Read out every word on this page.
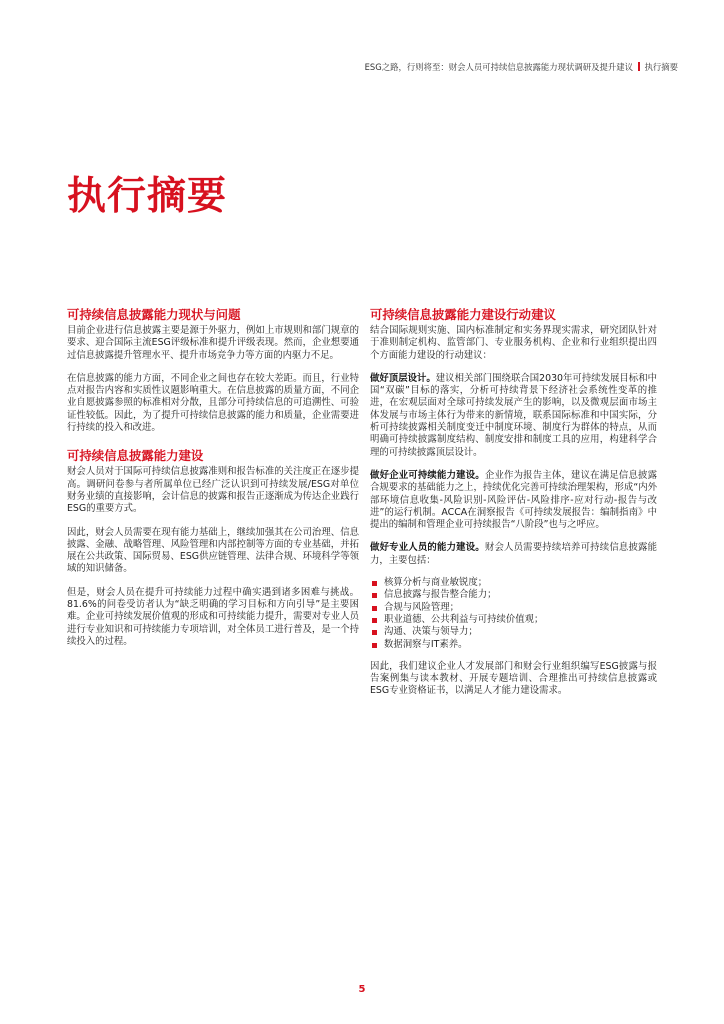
ESG之路，行则将至：财会人员可持续信息披露能力现状调研及提升建议 执行摘要
执行摘要
可持续信息披露能力现状与问题

目前企业进行信息披露主要是源于外驱力，例如上市规则和部门规章的要求、迎合国际主流ESG评级标准和提升评级表现。然而，企业想要通过信息披露提升管理水平、提升市场竞争力等方面的内驱力不足。

在信息披露的能力方面，不同企业之间也存在较大差距。而且，行业特点对报告内容和实质性议题影响重大。在信息披露的质量方面，不同企业自愿披露参照的标准相对分散，且部分可持续信息的可追溯性、可验证性较低。因此，为了提升可持续信息披露的能力和质量，企业需要进行持续的投入和改进。

可持续信息披露能力建设

财会人员对于国际可持续信息披露准则和报告标准的关注度正在逐步提高。调研问卷参与者所属单位已经广泛认识到可持续发展/ESG对单位财务业绩的直接影响，会计信息的披露和报告正逐渐成为传达企业践行ESG的重要方式。

因此，财会人员需要在现有能力基础上，继续加强其在公司治理、信息披露、金融、战略管理、风险管理和内部控制等方面的专业基础，并拓展在公共政策、国际贸易、ESG供应链管理、法律合规、环境科学等领域的知识储备。

但是，财会人员在提升可持续能力过程中确实遇到诸多困难与挑战。81.6%的问卷受访者认为“缺乏明确的学习目标和方向引导”是主要困难。企业可持续发展价值观的形成和可持续能力提升，需要对专业人员进行专业知识和可持续能力专项培训，对全体员工进行普及，是一个持续投入的过程。

可持续信息披露能力建设行动建议

结合国际规则实施、国内标准制定和实务界现实需求，研究团队针对于准则制定机构、监管部门、专业服务机构、企业和行业组织提出四个方面能力建设的行动建议：

做好顶层设计。建议相关部门围绕联合国2030年可持续发展目标和中国“双碳”目标的落实，分析可持续背景下经济社会系统性变革的推进，在宏观层面对全球可持续发展产生的影响，以及微观层面市场主体发展与市场主体行为带来的新情境，联系国际标准和中国实际，分析可持续披露相关制度变迁中制度环境、制度行为群体的特点，从而明确可持续披露制度结构、制度安排和制度工具的应用，构建科学合理的可持续披露顶层设计。

做好企业可持续能力建设。企业作为报告主体，建议在满足信息披露合规要求的基础能力之上，持续优化完善可持续治理架构，形成“内外部环境信息收集-风险识别-风险评估-风险排序-应对行动-报告与改进”的运行机制。ACCA在洞察报告《可持续发展报告：编制指南》中提出的编制和管理企业可持续报告“八阶段”也与之呼应。

做好专业人员的能力建设。财会人员需要持续培养可持续信息披露能力，主要包括：

核算分析与商业敏锐度；
信息披露与报告整合能力；
合规与风险管理；
职业道德、公共利益与可持续价值观；
沟通、决策与领导力；
数据洞察与IT素养。

因此，我们建议企业人才发展部门和财会行业组织编写ESG披露与报告案例集与读本教材、开展专题培训、合理推出可持续信息披露或ESG专业资格证书，以满足人才能力建设需求。

5
